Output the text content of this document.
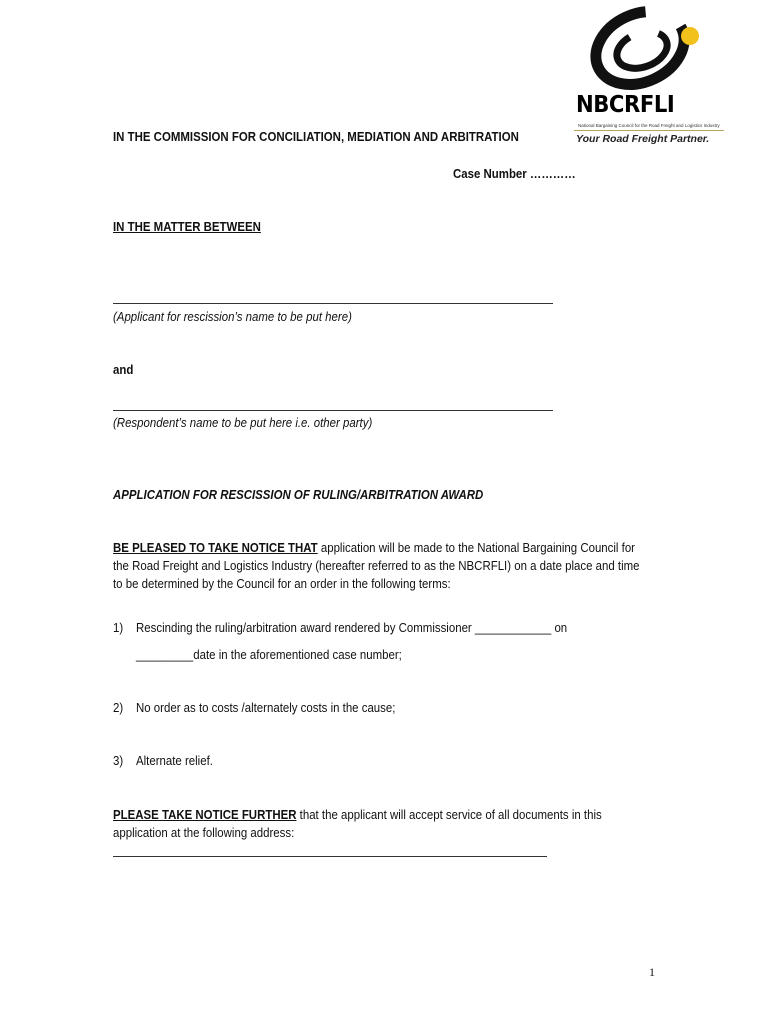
NBCRFLI
National Bargaining Council for the Road Freight and Logistics Industry
Your Road Freight Partner.
IN THE COMMISSION FOR CONCILIATION, MEDIATION AND ARBITRATION
Case Number …………
IN THE MATTER BETWEEN
(Applicant for rescission’s name to be put here)
and
(Respondent’s name to be put here i.e. other party)
APPLICATION FOR RESCISSION OF RULING/ARBITRATION AWARD
BE PLEASED TO TAKE NOTICE THAT application will be made to the National Bargaining Council for the Road Freight and Logistics Industry (hereafter referred to as the NBCRFLI) on a date place and time to be determined by the Council for an order in the following terms:
1) Rescinding the ruling/arbitration award rendered by Commissioner ____________ on
_________date in the aforementioned case number;
2) No order as to costs /alternately costs in the cause;
3) Alternate relief.
PLEASE TAKE NOTICE FURTHER that the applicant will accept service of all documents in this application at the following address:
1
